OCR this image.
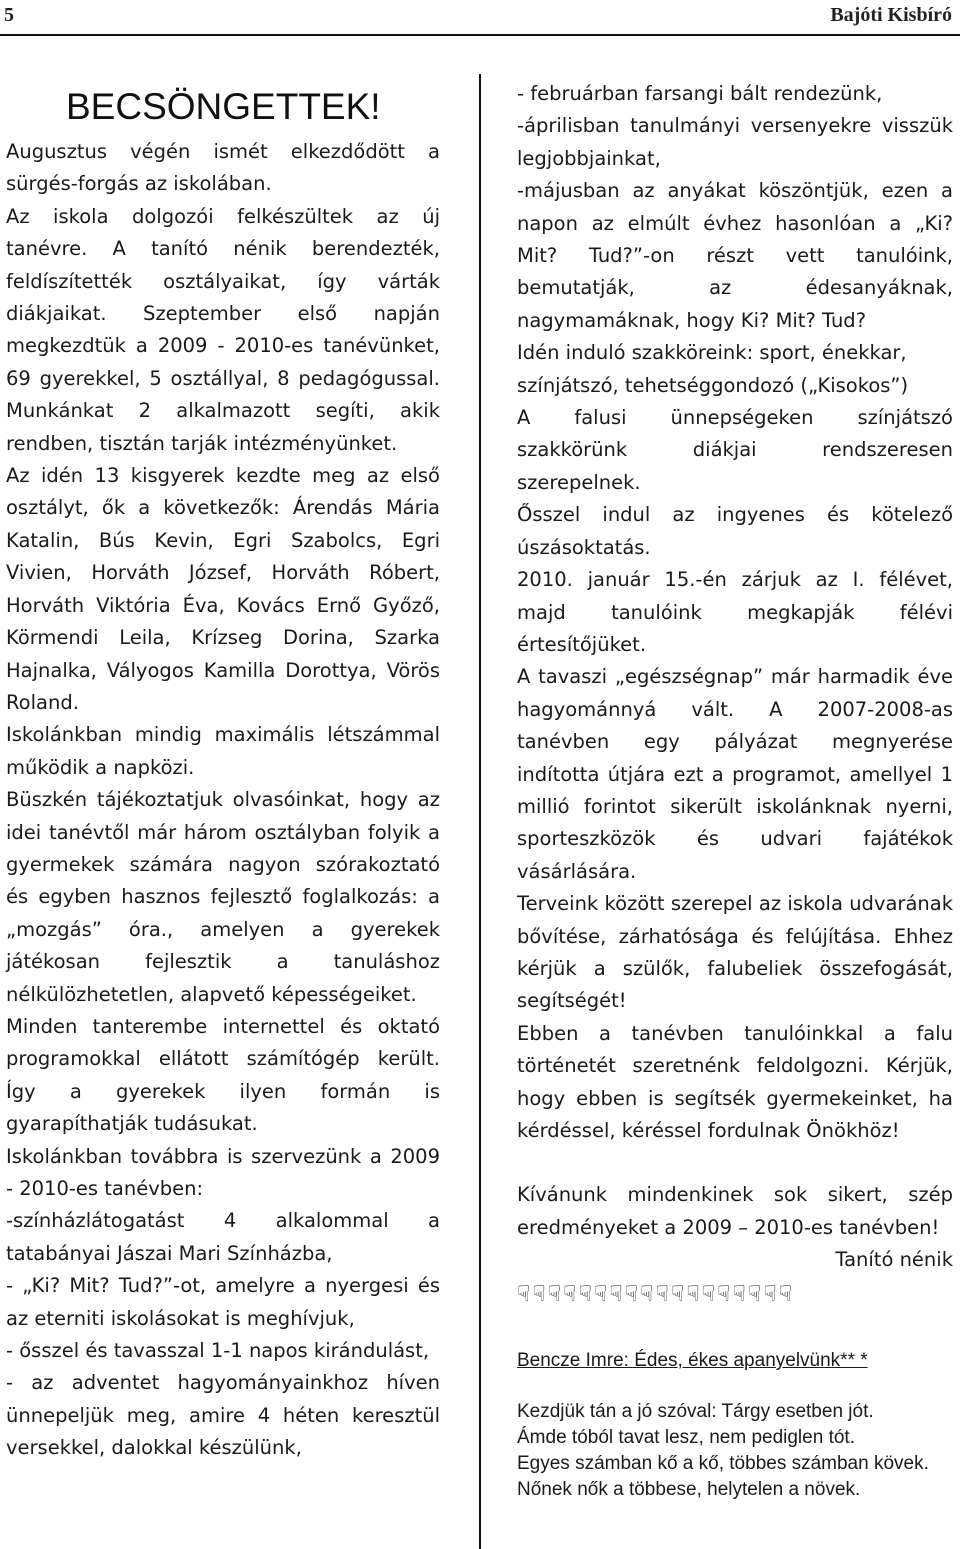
5	Bajóti Kisbíró
BECSÖNGETTEK!

Augusztus végén ismét elkezdődött a sürgés-forgás az iskolában.

Az iskola dolgozói felkészültek az új tanévre. A tanító nénik berendezték, feldíszítették osztályaikat, így várták diákjaikat. Szeptember első napján megkezdtük a 2009 - 2010-es tanévünket, 69 gyerekkel, 5 osztállyal, 8 pedagógussal. Munkánkat 2 alkalmazott segíti, akik rendben, tisztán tarják intézményünket.

Az idén 13 kisgyerek kezdte meg az első osztályt, ők a következők: Árendás Mária Katalin, Bús Kevin, Egri Szabolcs, Egri Vivien, Horváth József, Horváth Róbert, Horváth Viktória Éva, Kovács Ernő Győző, Körmendi Leila, Krízseg Dorina, Szarka Hajnalka, Vályogos Kamilla Dorottya, Vörös Roland.

Iskolánkban mindig maximális létszámmal működik a napközi.

Büszkén tájékoztatjuk olvasóinkat, hogy az idei tanévtől már három osztályban folyik a gyermekek számára nagyon szórakoztató és egyben hasznos fejlesztő foglalkozás: a „mozgás” óra., amelyen a gyerekek játékosan fejlesztik a tanuláshoz nélkülözhetetlen, alapvető képességeiket.

Minden tanterembe internettel és oktató programokkal ellátott számítógép került. Így a gyerekek ilyen formán is gyarapíthatják tudásukat.

Iskolánkban továbbra is szervezünk a 2009 - 2010-es tanévben:

-színházlátogatást 4 alkalommal a tatabányai Jászai Mari Színházba,

- „Ki? Mit? Tud?”-ot, amelyre a nyergesi és az eterniti iskolásokat is meghívjuk,

- ősszel és tavasszal 1-1 napos kirándulást,

- az adventet hagyományainkhoz híven ünnepeljük meg, amire 4 héten keresztül versekkel, dalokkal készülünk,

- februárban farsangi bált rendezünk,

-áprilisban tanulmányi versenyekre visszük legjobbjainkat,

-májusban az anyákat köszöntjük, ezen a napon az elmúlt évhez hasonlóan a „Ki? Mit? Tud?”-on részt vett tanulóink, bemutatják, az édesanyáknak, nagymamáknak, hogy Ki? Mit? Tud?

Idén induló szakköreink: sport, énekkar, színjátszó, tehetséggondozó („Kisokos”)

A falusi ünnepségeken színjátszó szakkörünk diákjai rendszeresen szerepelnek.

Ősszel indul az ingyenes és kötelező úszásoktatás.

2010. január 15.-én zárjuk az I. félévet, majd tanulóink megkapják félévi értesítőjüket.

A tavaszi „egészségnap” már harmadik éve hagyománnyá vált. A 2007-2008-as tanévben egy pályázat megnyerése indította útjára ezt a programot, amellyel 1 millió forintot sikerült iskolánknak nyerni, sporteszközök és udvari fajátékok vásárlására.

Terveink között szerepel az iskola udvarának bővítése, zárhatósága és felújítása. Ehhez kérjük a szülők, falubeliek összefogását, segítségét!

Ebben a tanévben tanulóinkkal a falu történetét szeretnénk feldolgozni. Kérjük, hogy ebben is segítsék gyermekeinket, ha kérdéssel, kéréssel fordulnak Önökhöz!

Kívánunk mindenkinek sok sikert, szép eredményeket a 2009 – 2010-es tanévben!

Tanító nénik
☟☟☟☟☟☟☟☟☟☟☟☟☟☟☟☟☟☟
Bencze Imre: Édes, ékes apanyelvünk** *
Kezdjük tán a jó szóval: Tárgy esetben jót.
Ámde tóból tavat lesz, nem pediglen tót.
Egyes számban kő a kő, többes számban kövek.
Nőnek nők a többese, helytelen a növek.
